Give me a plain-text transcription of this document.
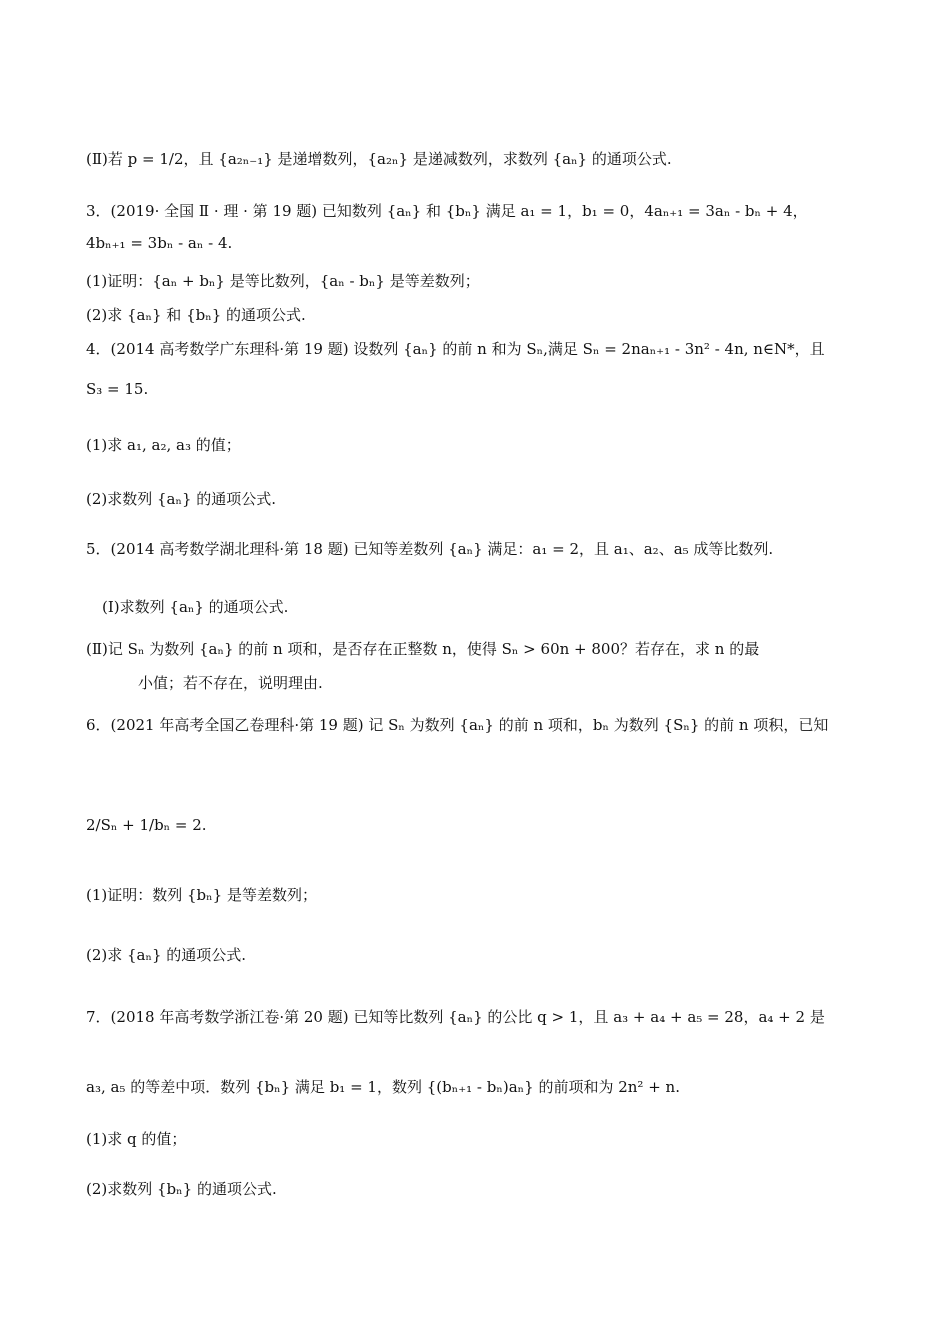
(Ⅱ)若 p = 1/2，且 {a₂ₙ₋₁} 是递增数列，{a₂ₙ} 是递减数列，求数列 {aₙ} 的通项公式.
3．(2019· 全国 Ⅱ · 理 · 第 19 题) 已知数列 {aₙ} 和 {bₙ} 满足 a₁ = 1，b₁ = 0，4aₙ₊₁ = 3aₙ - bₙ + 4，
4bₙ₊₁ = 3bₙ - aₙ - 4.
(1)证明：{aₙ + bₙ} 是等比数列，{aₙ - bₙ} 是等差数列；
(2)求 {aₙ} 和 {bₙ} 的通项公式.
4．(2014 高考数学广东理科·第 19 题) 设数列 {aₙ} 的前 n 和为 Sₙ,满足 Sₙ = 2naₙ₊₁ - 3n² - 4n, n∈N*，且
S₃ = 15.
(1)求 a₁, a₂, a₃ 的值；
(2)求数列 {aₙ} 的通项公式.
5．(2014 高考数学湖北理科·第 18 题) 已知等差数列 {aₙ} 满足：a₁ = 2，且 a₁、a₂、a₅ 成等比数列.
(Ⅰ)求数列 {aₙ} 的通项公式.
(Ⅱ)记 Sₙ 为数列 {aₙ} 的前 n 项和，是否存在正整数 n，使得 Sₙ > 60n + 800？若存在，求 n 的最
小值；若不存在，说明理由.
6．(2021 年高考全国乙卷理科·第 19 题) 记 Sₙ 为数列 {aₙ} 的前 n 项和，bₙ 为数列 {Sₙ} 的前 n 项积，已知
2/Sₙ + 1/bₙ = 2.
(1)证明：数列 {bₙ} 是等差数列；
(2)求 {aₙ} 的通项公式.
7．(2018 年高考数学浙江卷·第 20 题) 已知等比数列 {aₙ} 的公比 q > 1，且 a₃ + a₄ + a₅ = 28，a₄ + 2 是
a₃, a₅ 的等差中项．数列 {bₙ} 满足 b₁ = 1，数列 {(bₙ₊₁ - bₙ)aₙ} 的前项和为 2n² + n.
(1)求 q 的值；
(2)求数列 {bₙ} 的通项公式.
